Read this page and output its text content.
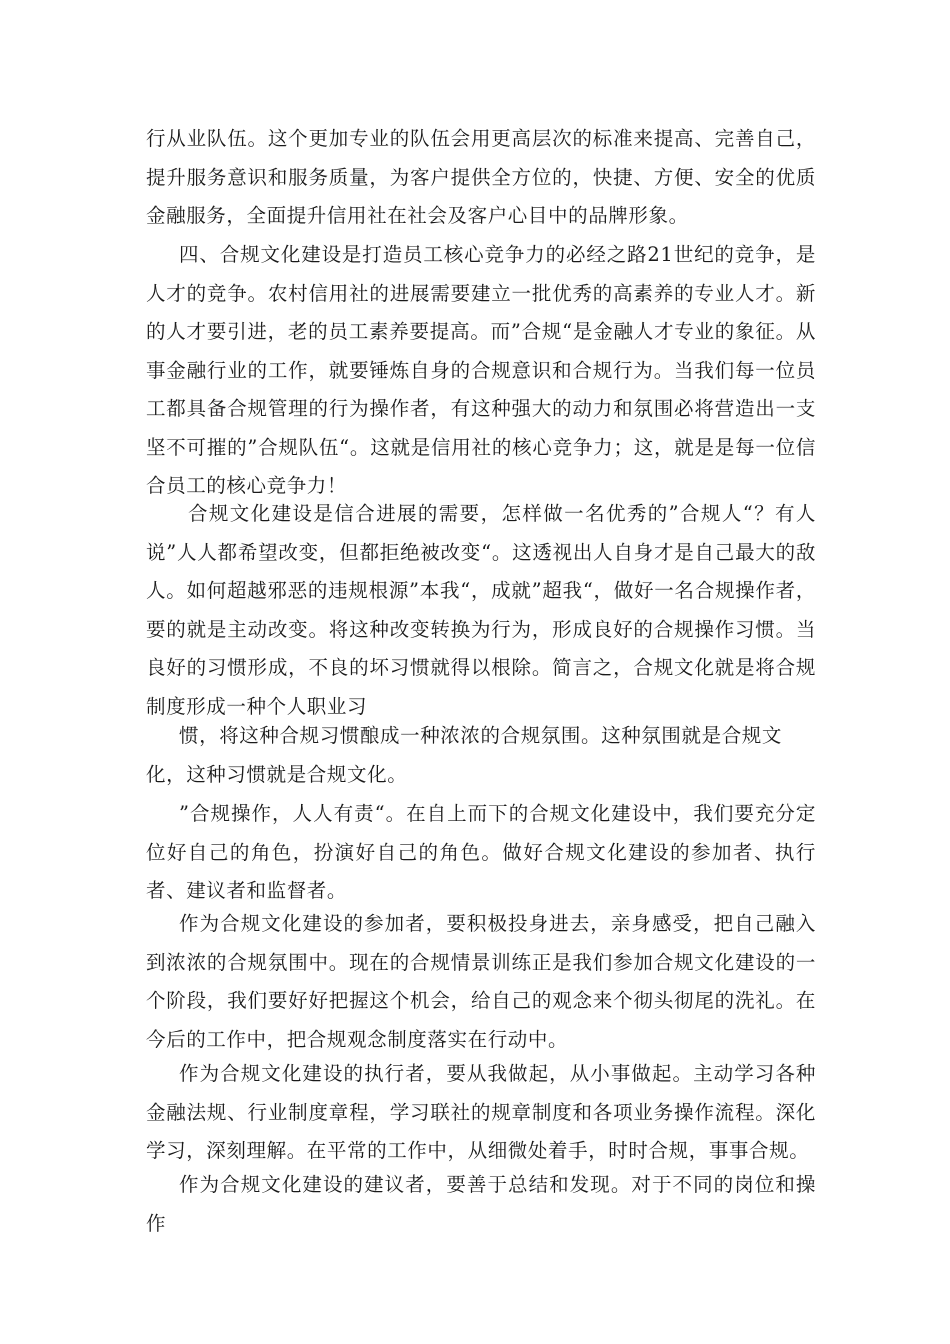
行从业队伍。这个更加专业的队伍会用更高层次的标准来提高、完善自己，提升服务意识和服务质量，为客户提供全方位的，快捷、方便、安全的优质金融服务，全面提升信用社在社会及客户心目中的品牌形象。

四、合规文化建设是打造员工核心竞争力的必经之路21世纪的竞争，是人才的竞争。农村信用社的进展需要建立一批优秀的高素养的专业人才。新的人才要引进，老的员工素养要提高。而”合规“是金融人才专业的象征。从事金融行业的工作，就要锤炼自身的合规意识和合规行为。当我们每一位员工都具备合规管理的行为操作者，有这种强大的动力和氛围必将营造出一支坚不可摧的”合规队伍“。这就是信用社的核心竞争力；这，就是是每一位信合员工的核心竞争力！

合规文化建设是信合进展的需要，怎样做一名优秀的”合规人“？有人说”人人都希望改变，但都拒绝被改变“。这透视出人自身才是自己最大的敌人。如何超越邪恶的违规根源”本我“，成就”超我“，做好一名合规操作者，要的就是主动改变。将这种改变转换为行为，形成良好的合规操作习惯。当良好的习惯形成，不良的坏习惯就得以根除。简言之，合规文化就是将合规制度形成一种个人职业习

惯，将这种合规习惯酿成一种浓浓的合规氛围。这种氛围就是合规文化，这种习惯就是合规文化。

”合规操作，人人有责“。在自上而下的合规文化建设中，我们要充分定位好自己的角色，扮演好自己的角色。做好合规文化建设的参加者、执行者、建议者和监督者。

作为合规文化建设的参加者，要积极投身进去，亲身感受，把自己融入到浓浓的合规氛围中。现在的合规情景训练正是我们参加合规文化建设的一个阶段，我们要好好把握这个机会，给自己的观念来个彻头彻尾的洗礼。在今后的工作中，把合规观念制度落实在行动中。

作为合规文化建设的执行者，要从我做起，从小事做起。主动学习各种金融法规、行业制度章程，学习联社的规章制度和各项业务操作流程。深化学习，深刻理解。在平常的工作中，从细微处着手，时时合规，事事合规。

作为合规文化建设的建议者，要善于总结和发现。对于不同的岗位和操作
